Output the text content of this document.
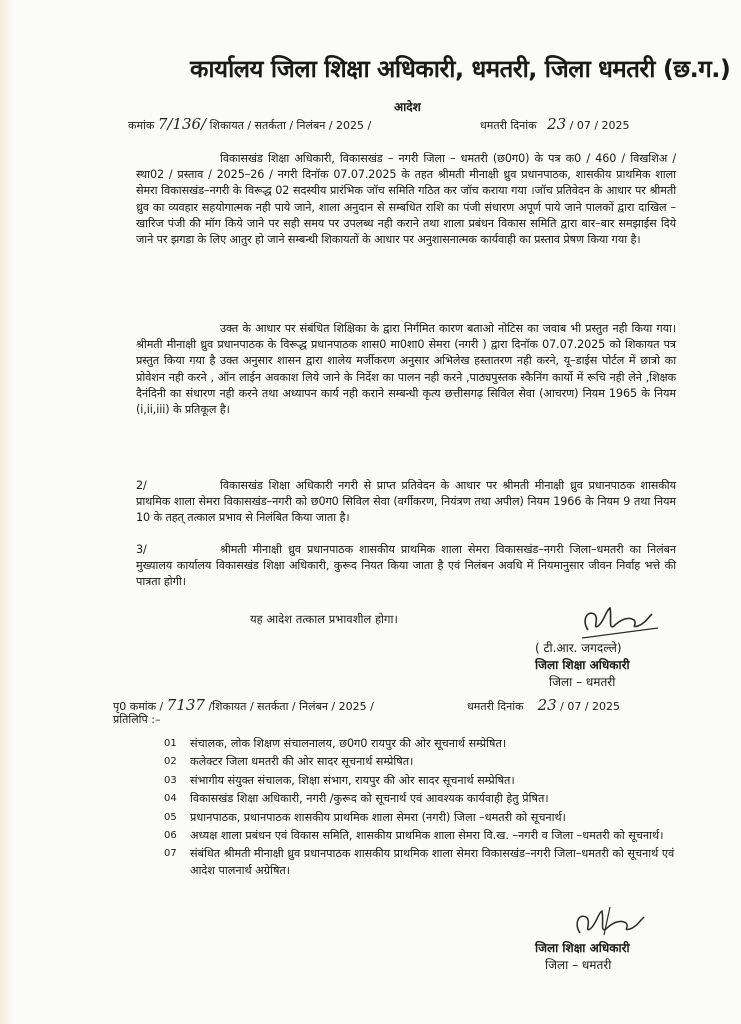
कार्यालय जिला शिक्षा अधिकारी, धमतरी, जिला धमतरी (छ.ग.)
आदेश
कमांक 7/136/ शिकायत / सतर्कता / निलंबन / 2025 /	धमतरी दिनांक 23 / 07 / 2025
विकासखंड शिक्षा अधिकारी, विकासखंड – नगरी जिला – धमतरी (छ0ग0) के पत्र क0 / 460 / विखशिअ / स्था02 / प्रस्ताव / 2025–26 / नगरी दिनॉक 07.07.2025 के तहत श्रीमती मीनाक्षी ध्रुव प्रधानपाठक, शासकीय प्राथमिक शाला सेमरा विकासखंड–नगरी के विरूद्ध 02 सदस्यीय प्रारंभिक जॉच समिति गठित कर जॉच कराया गया ।जॉच प्रतिवेदन के आधार पर श्रीमती ध्रुव का व्यवहार सहयोगात्मक नही पाये जाने, शाला अनुदान से सम्बधित राशि का पंजी संधारण अपूर्ण पाये जाने पालकों द्वारा दाखिल –खारिज पंजी की मॉग किये जाने पर सही समय पर उपलब्ध नही कराने तथा शाला प्रबंधन विकास समिति द्वारा बार–बार समझाईस दिये जाने पर झगडा के लिए आतुर हो जाने सम्बन्धी शिकायतों के आधार पर अनुशासनात्मक कार्यवाही का प्रस्ताव प्रेषण किया गया है।
उक्त के आधार पर संबंधित शिक्षिका के द्वारा निर्गमित कारण बताओ नोटिस का जवाब भी प्रस्तुत नही किया गया। श्रीमती मीनाक्षी ध्रुव प्रधानपाठक के विरूद्ध प्रधानपाठक शास0 मा0शा0 सेमरा (नगरी ) द्वारा दिनॉक 07.07.2025 को शिकायत पत्र प्रस्तुत किया गया है उक्त अनुसार शासन द्वारा शालेय मर्जीकरण अनुसार अभिलेख हस्तातरण नही करने, यू–डाईस पोर्टल में छात्रो का प्रोवेशन नही करने , ऑन लाईन अवकाश लिये जाने के निर्देश का पालन नही करने ,पाठ्यपुस्तक स्कैनिंग कार्यो में रूचि नही लेने ,शिक्षक दैनंदिनी का संधारण नही करने तथा अध्यापन कार्य नही कराने सम्बन्धी कृत्य छत्तीसगढ़ सिविल सेवा (आचरण) नियम 1965 के नियम (i,ii,iii) के प्रतिकूल है।
2/	विकासखंड शिक्षा अधिकारी नगरी से प्राप्त प्रतिवेदन के आधार पर श्रीमती मीनाक्षी ध्रुव प्रधानपाठक शासकीय प्राथमिक शाला सेमरा विकासखंड–नगरी को छ0ग0 सिविल सेवा (वर्गीकरण, नियंत्रण तथा अपील) नियम 1966 के नियम 9 तथा नियम 10 के तहत् तत्काल प्रभाव से निलंबित किया जाता है।
3/	श्रीमती मीनाक्षी ध्रुव प्रधानपाठक शासकीय प्राथमिक शाला सेमरा विकासखंड–नगरी जिला–धमतरी का निलंबन मुख्यालय कार्यालय विकासखंड शिक्षा अधिकारी, कुरूद नियत किया जाता है एवं निलंबन अवधि में नियमानुसार जीवन निर्वाह भत्ते की पात्रता होगी।
यह आदेश तत्काल प्रभावशील होगा।
( टी.आर. जगदल्ले)
जिला शिक्षा अधिकारी
जिला – धमतरी
पृ0 कमांक / 7137 /शिकायत / सतर्कता / निलंबन / 2025 /	धमतरी दिनांक 23 / 07 / 2025
प्रतिलिपि :–
01 संचालक, लोक शिक्षण संचालनालय, छ0ग0 रायपुर की ओर सूचनार्थ सम्प्रेषित।
02 कलेक्टर जिला धमतरी की ओर सादर सूचनार्थ सम्प्रेषित।
03 संभागीय संयुक्त संचालक, शिक्षा संभाग, रायपुर की ओर सादर सूचनार्थ सम्प्रेषित।
04 विकासखंड शिक्षा अधिकारी, नगरी /कुरूद को सूचनार्थ एवं आवश्यक कार्यवाही हेतु प्रेषित।
05 प्रधानपाठक, प्रधानपाठक शासकीय प्राथमिक शाला सेमरा (नगरी) जिला –धमतरी को सूचनार्थ।
06 अध्यक्ष शाला प्रबंधन एवं विकास समिति, शासकीय प्राथमिक शाला सेमरा वि.ख. –नगरी व जिला –धमतरी को सूचनार्थ।
07 संबंधित श्रीमती मीनाक्षी ध्रुव प्रधानपाठक शासकीय प्राथमिक शाला सेमरा विकासखंड–नगरी जिला–धमतरी को सूचनार्थ एवं आदेश पालनार्थ अग्रेषित।
जिला शिक्षा अधिकारी
जिला – धमतरी
